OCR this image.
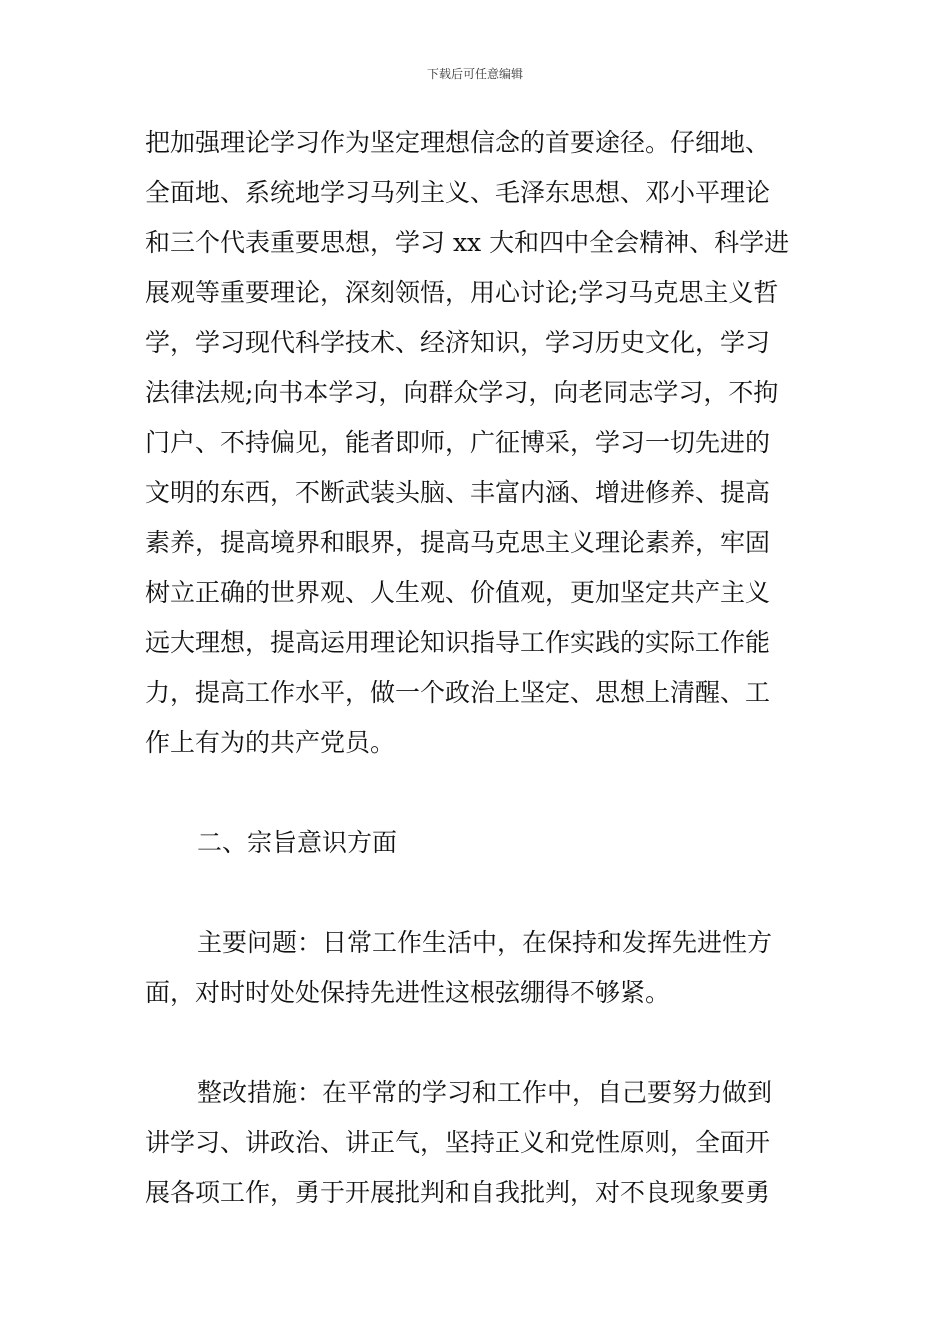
下载后可任意编辑
把加强理论学习作为坚定理想信念的首要途径。仔细地、
全面地、系统地学习马列主义、毛泽东思想、邓小平理论
和三个代表重要思想，学习 xx 大和四中全会精神、科学进
展观等重要理论，深刻领悟，用心讨论;学习马克思主义哲
学，学习现代科学技术、经济知识，学习历史文化，学习
法律法规;向书本学习，向群众学习，向老同志学习，不拘
门户、不持偏见，能者即师，广征博采，学习一切先进的
文明的东西，不断武装头脑、丰富内涵、增进修养、提高
素养，提高境界和眼界，提高马克思主义理论素养，牢固
树立正确的世界观、人生观、价值观，更加坚定共产主义
远大理想，提高运用理论知识指导工作实践的实际工作能
力，提高工作水平，做一个政治上坚定、思想上清醒、工
作上有为的共产党员。
二、宗旨意识方面
主要问题：日常工作生活中，在保持和发挥先进性方
面，对时时处处保持先进性这根弦绷得不够紧。
整改措施：在平常的学习和工作中，自己要努力做到
讲学习、讲政治、讲正气，坚持正义和党性原则，全面开
展各项工作，勇于开展批判和自我批判，对不良现象要勇
